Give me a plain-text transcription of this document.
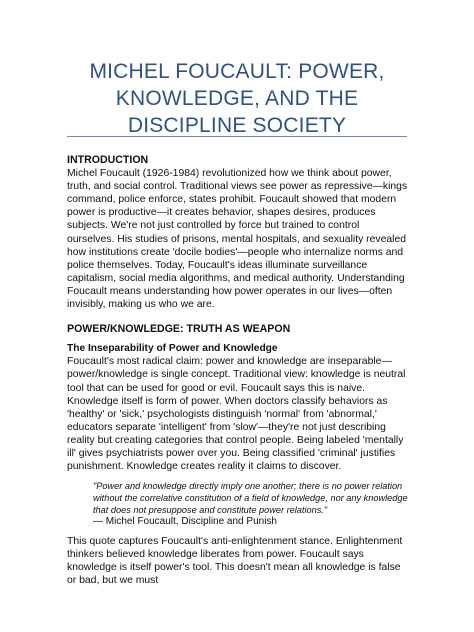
MICHEL FOUCAULT: POWER, KNOWLEDGE, AND THE DISCIPLINE SOCIETY
INTRODUCTION
Michel Foucault (1926-1984) revolutionized how we think about power, truth, and social control. Traditional views see power as repressive—kings command, police enforce, states prohibit. Foucault showed that modern power is productive—it creates behavior, shapes desires, produces subjects. We're not just controlled by force but trained to control ourselves. His studies of prisons, mental hospitals, and sexuality revealed how institutions create 'docile bodies'—people who internalize norms and police themselves. Today, Foucault's ideas illuminate surveillance capitalism, social media algorithms, and medical authority. Understanding Foucault means understanding how power operates in our lives—often invisibly, making us who we are.
POWER/KNOWLEDGE: TRUTH AS WEAPON
The Inseparability of Power and Knowledge
Foucault's most radical claim: power and knowledge are inseparable—power/knowledge is single concept. Traditional view: knowledge is neutral tool that can be used for good or evil. Foucault says this is naive. Knowledge itself is form of power. When doctors classify behaviors as 'healthy' or 'sick,' psychologists distinguish 'normal' from 'abnormal,' educators separate 'intelligent' from 'slow'—they're not just describing reality but creating categories that control people. Being labeled 'mentally ill' gives psychiatrists power over you. Being classified 'criminal' justifies punishment. Knowledge creates reality it claims to discover.

"Power and knowledge directly imply one another; there is no power relation without the correlative constitution of a field of knowledge, nor any knowledge that does not presuppose and constitute power relations."

— Michel Foucault, Discipline and Punish

This quote captures Foucault's anti-enlightenment stance. Enlightenment thinkers believed knowledge liberates from power. Foucault says knowledge is itself power's tool. This doesn't mean all knowledge is false or bad, but we must
